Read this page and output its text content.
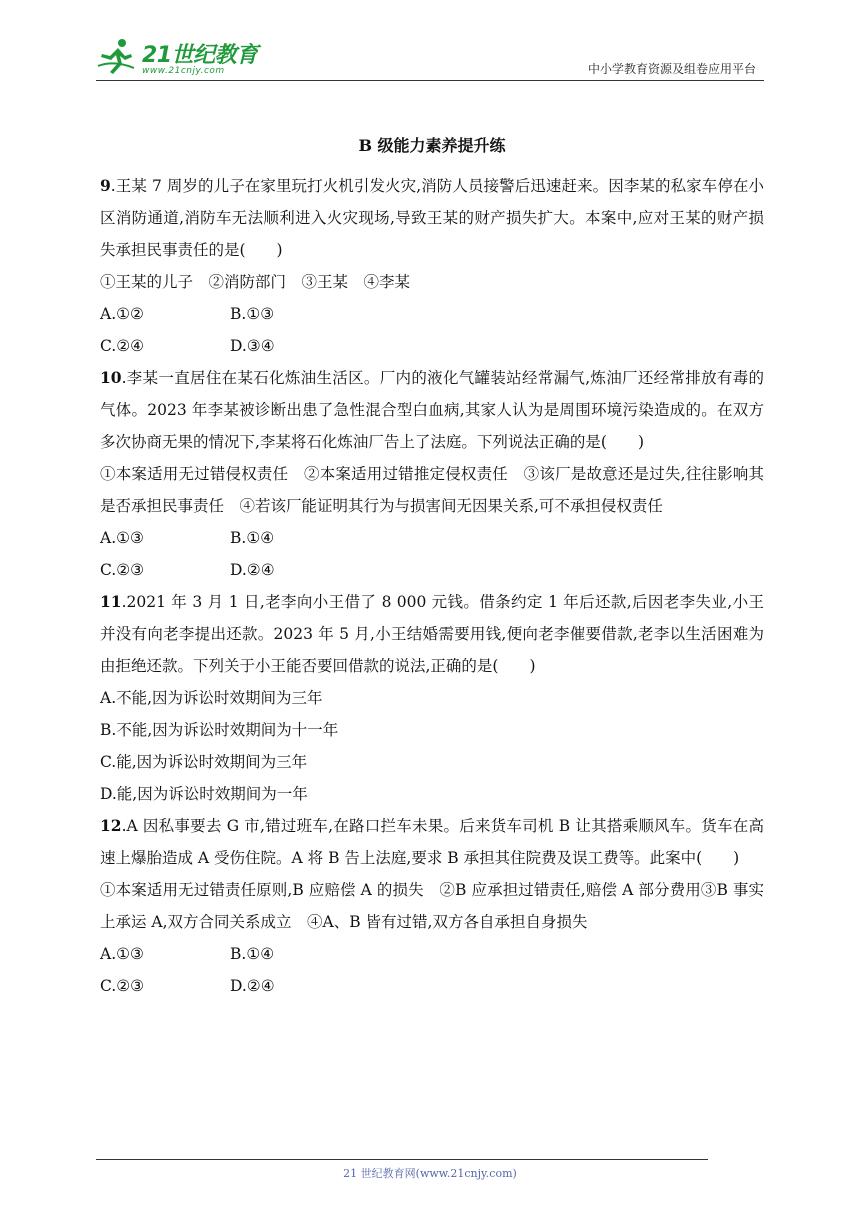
21世纪教育
www.21cnjy.com	中小学教育资源及组卷应用平台

B 级能力素养提升练

9.王某 7 周岁的儿子在家里玩打火机引发火灾,消防人员接警后迅速赶来。因李某的私家车停在小区消防通道,消防车无法顺利进入火灾现场,导致王某的财产损失扩大。本案中,应对王某的财产损失承担民事责任的是(　　)

①王某的儿子　②消防部门　③王某　④李某

A.①②	B.①③
C.②④	D.③④

10.李某一直居住在某石化炼油生活区。厂内的液化气罐装站经常漏气,炼油厂还经常排放有毒的气体。2023 年李某被诊断出患了急性混合型白血病,其家人认为是周围环境污染造成的。在双方多次协商无果的情况下,李某将石化炼油厂告上了法庭。下列说法正确的是(　　)

①本案适用无过错侵权责任　②本案适用过错推定侵权责任　③该厂是故意还是过失,往往影响其是否承担民事责任　④若该厂能证明其行为与损害间无因果关系,可不承担侵权责任

A.①③	B.①④
C.②③	D.②④

11.2021 年 3 月 1 日,老李向小王借了 8 000 元钱。借条约定 1 年后还款,后因老李失业,小王并没有向老李提出还款。2023 年 5 月,小王结婚需要用钱,便向老李催要借款,老李以生活困难为由拒绝还款。下列关于小王能否要回借款的说法,正确的是(　　)

A.不能,因为诉讼时效期间为三年

B.不能,因为诉讼时效期间为十一年

C.能,因为诉讼时效期间为三年

D.能,因为诉讼时效期间为一年

12.A 因私事要去 G 市,错过班车,在路口拦车未果。后来货车司机 B 让其搭乘顺风车。货车在高速上爆胎造成 A 受伤住院。A 将 B 告上法庭,要求 B 承担其住院费及误工费等。此案中(　　)

①本案适用无过错责任原则,B 应赔偿 A 的损失　②B 应承担过错责任,赔偿 A 部分费用③B 事实上承运 A,双方合同关系成立　④A、B 皆有过错,双方各自承担自身损失

A.①③	B.①④
C.②③	D.②④
21 世纪教育网(www.21cnjy.com)
